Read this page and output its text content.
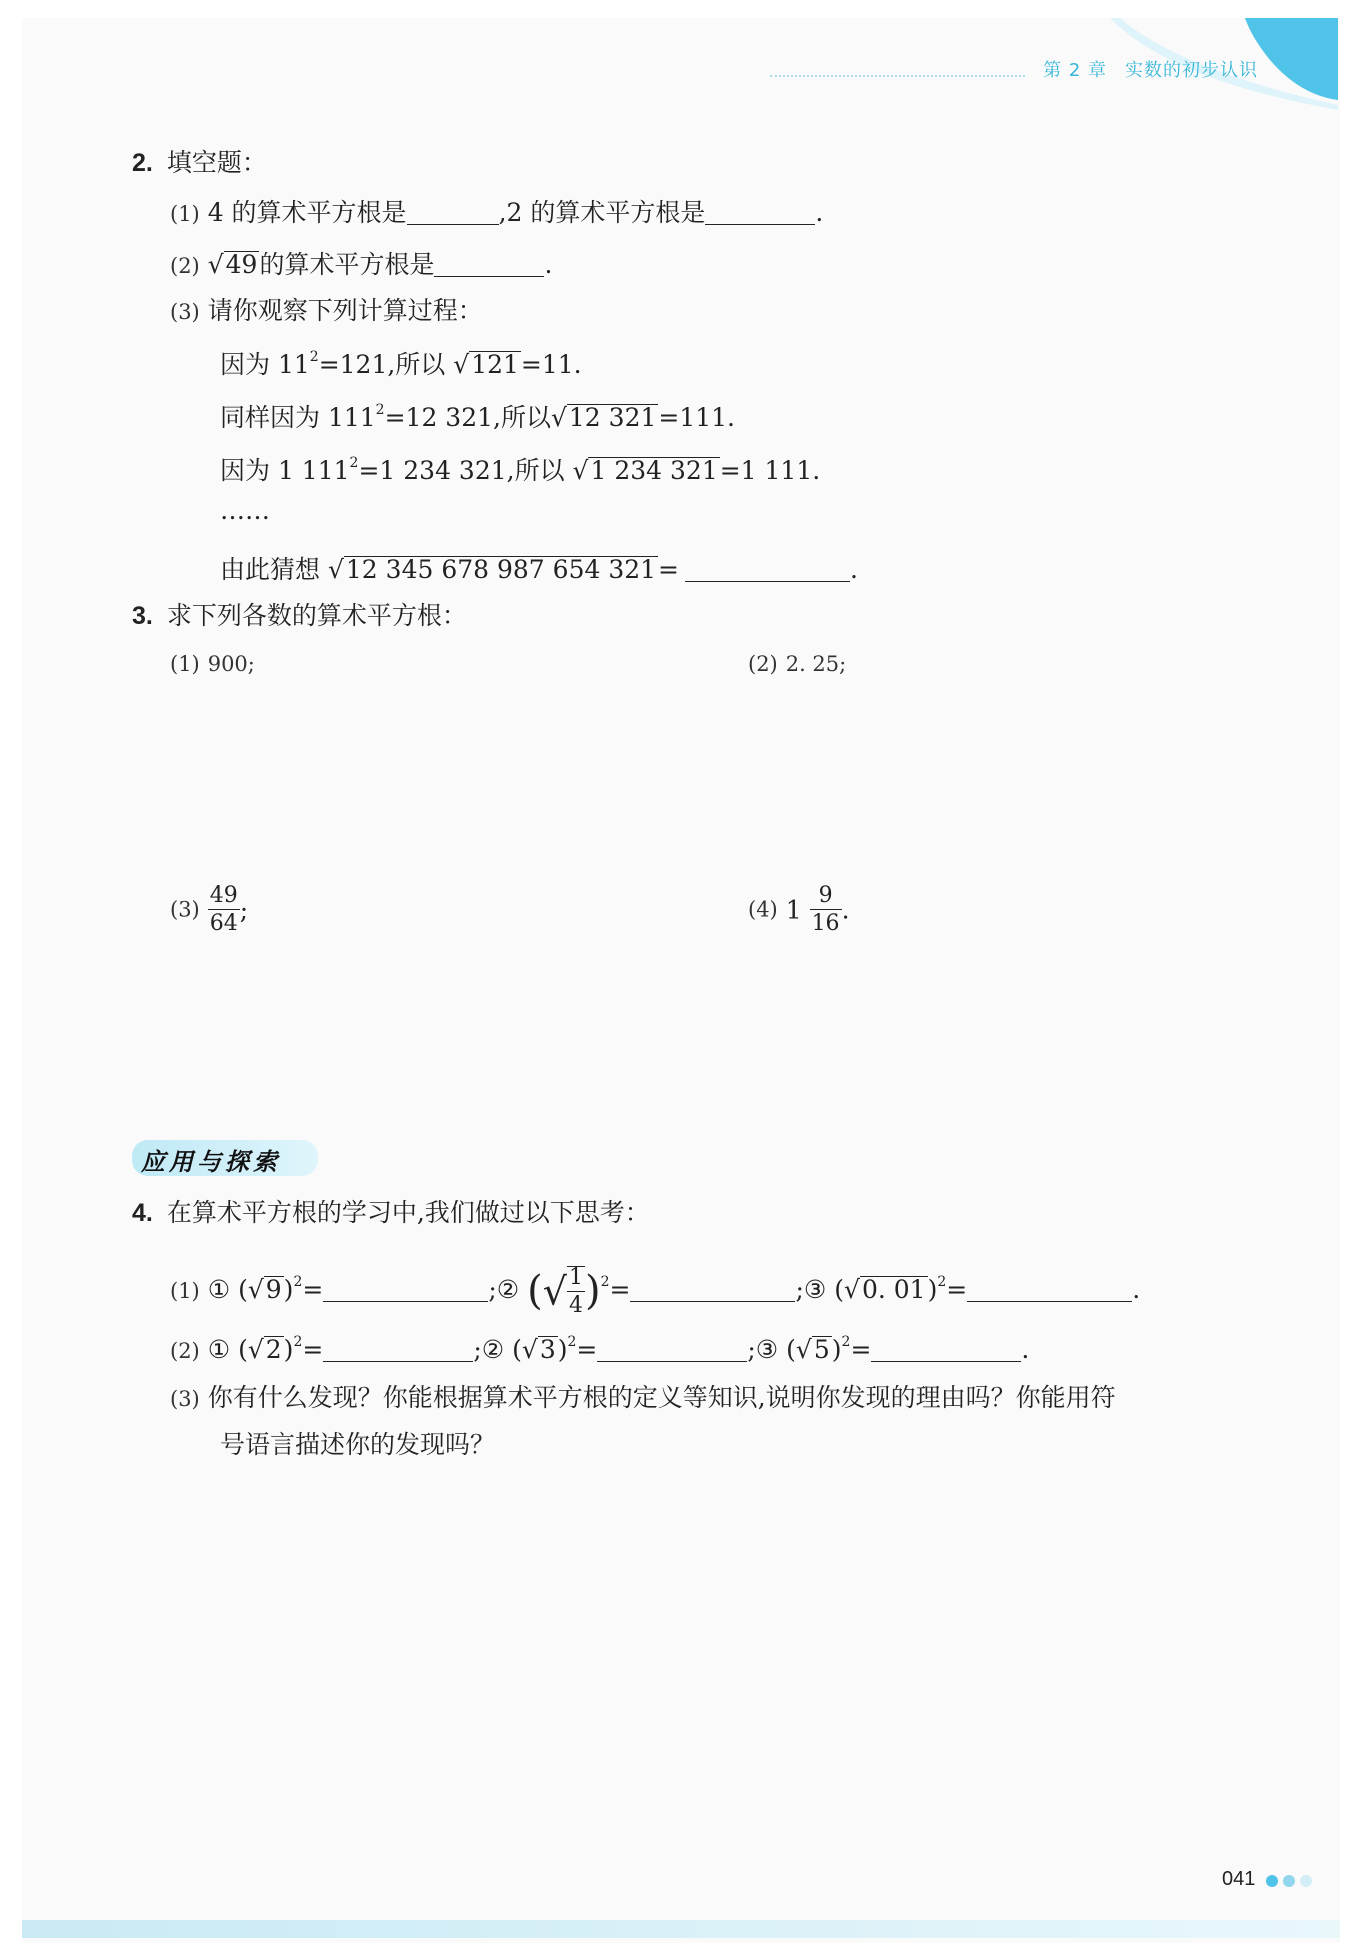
第 2 章 实数的初步认识
2. 填空题：
(1) 4 的算术平方根是	,2 的算术平方根是	.
(2) √49的算术平方根是	.
(3) 请你观察下列计算过程：
因为 $11^2=121$,所以 √121=11.
同样因为 $111^2=12$ 321,所以√12 321=111.
因为 1 $111^2=1$ 234 321,所以 √1 234 321=1 111.
……
由此猜想 √12 345 678 987 654 321=	.
3. 求下列各数的算术平方根：
(1) 900;	(2) 2. 25;
$(3) \frac{49}{64}$ ;	(4) $1 \frac{9}{16}$ .
应用与探索
4. 在算术平方根的学习中,我们做过以下思考：
(1) ① $(√9)^2=$	;② (√ $\frac{1}{4} )^2=$	;③ (√0. 01)$^2$=	.
(2) ① $(√2)^2=$	;② $(√3)^2=$	;③ $(√5)^2=$	.
(3) 你有什么发现？你能根据算术平方根的定义等知识,说明你发现的理由吗？你能用符
号语言描述你的发现吗？
041
